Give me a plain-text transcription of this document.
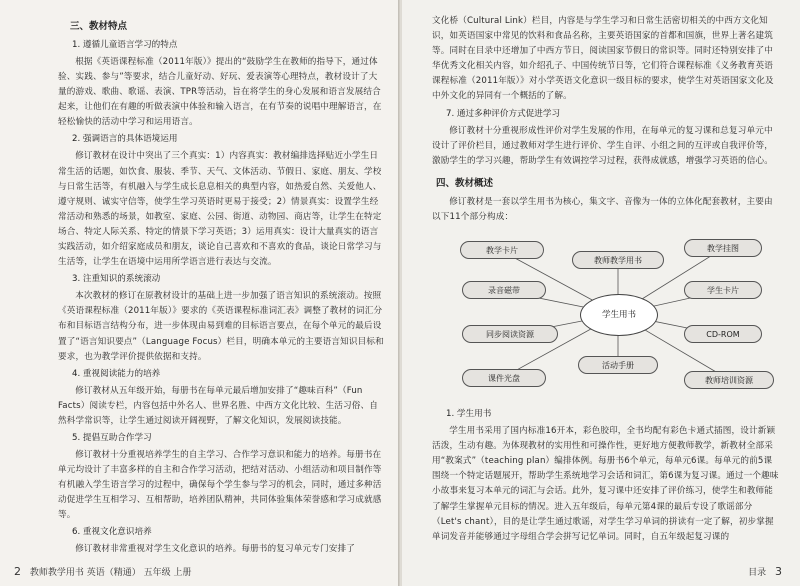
三、教材特点
1. 遵循儿童语言学习的特点

根据《英语课程标准（2011年版）》提出的“鼓励学生在教师的指导下，通过体验、实践、参与”等要求，结合儿童好动、好玩、爱表演等心理特点，教材设计了大量的游戏、歌曲、歌谣、表演、TPR等活动，旨在将学生的身心发展和语言发展结合起来，让他们在有趣的听做表演中体验和输入语言，在有节奏的说唱中理解语言，在轻松愉快的活动中学习和运用语言。

2. 强调语言的具体语境运用

修订教材在设计中突出了三个真实：1）内容真实：教材编排选择贴近小学生日常生活的话题，如饮食、服装、季节、天气、文体活动、节假日、家庭、朋友、学校与日常生活等，有机融入与学生成长息息相关的典型内容，如热爱自然、关爱他人、遵守规则、诚实守信等，使学生学习英语时更易于接受；2）情景真实：设置学生经常活动和熟悉的场景，如教室、家庭、公园、街道、动物园、商店等，让学生在特定场合、特定人际关系、特定的情景下学习英语；3）运用真实：设计大量真实的语言实践活动，如介绍家庭成员和朋友，谈论自己喜欢和不喜欢的食品，谈论日常学习与生活等，让学生在语境中运用所学语言进行表达与交流。

3. 注重知识的系统滚动

本次教材的修订在原教材设计的基础上进一步加强了语言知识的系统滚动。按照《英语课程标准（2011年版）》要求的《英语课程标准词汇表》调整了教材的词汇分布和目标语言结构分布，进一步体现由易到难的目标语言要点，在每个单元的最后设置了“语言知识要点”（Language Focus）栏目，明确本单元的主要语言知识目标和要求，也为教学评价提供依据和支持。

4. 重视阅读能力的培养

修订教材从五年级开始，每册书在每单元最后增加安排了“趣味百科”（Fun Facts）阅读专栏，内容包括中外名人、世界名胜、中西方文化比较、生活习俗、自然科学常识等，让学生通过阅读开阔视野，了解文化知识，发展阅读技能。

5. 提倡互助合作学习

修订教材十分重视培养学生的自主学习、合作学习意识和能力的培养。每册书在单元均设计了丰富多样的自主和合作学习活动，把结对活动、小组活动和项目制作等有机融入学生语言学习的过程中，确保每个学生参与学习的机会，同时，通过多种活动促进学生互相学习、互相帮助，培养团队精神，共同体验集体荣誉感和学习成就感等。

6. 重视文化意识培养

修订教材非常重视对学生文化意识的培养。每册书的复习单元专门安排了

2 教师教学用书 英语（精通） 五年级 上册

文化桥（Cultural Link）栏目，内容是与学生学习和日常生活密切相关的中西方文化知识，如英语国家中常见的饮料和食品名称，主要英语国家的首都和国旗，世界上著名建筑等。同时在目录中还增加了中西方节日，阅读国家节假日的常识等。同时还特别安排了中华优秀文化相关内容，如介绍孔子、中国传统节日等，它们符合课程标准《义务教育英语课程标准（2011年版）》对小学英语文化意识一级目标的要求，使学生对英语国家文化及中外文化的异同有一个概括的了解。

7. 通过多种评价方式促进学习

修订教材十分重视形成性评价对学生发展的作用，在每单元的复习课和总复习单元中设计了评价栏目，通过教师对学生进行评价、学生自评、小组之间的互评或自我评价等，激励学生的学习兴趣，帮助学生有效调控学习过程，获得成就感，增强学习英语的信心。

四、教材概述

修订教材是一套以学生用书为核心，集文字、音像为一体的立体化配套教材，主要由以下11个部分构成：

教学卡片
教师教学用书
教学挂图
录音磁带	学生卡片
学生用书
同步阅读资源	CD-ROM
活动手册
课件光盘	教师培训资源
1. 学生用书

学生用书采用了国内标准16开本，彩色胶印，全书均配有彩色卡通式插图，设计新颖活泼，生动有趣。为体现教材的实用性和可操作性，更好地方便教师教学，新教材全部采用“教案式”（teaching plan）编排体例。每册书6个单元，每单元6课。每单元的前5课围绕一个特定话题展开，帮助学生系统地学习会话和词汇，第6课为复习课。通过一个趣味小故事来复习本单元的词汇与会话。此外，复习课中还安排了评价练习，使学生和教师能了解学生掌握单元目标的情况。进入五年级后，每单元第4课的最后专设了歌谣部分（Let's chant），目的是让学生通过歌谣，对学生学习单词的拼读有一定了解，初步掌握单词发音并能够通过字母组合学会拼写记忆单词。同时，自五年级起复习课的

目录 3
